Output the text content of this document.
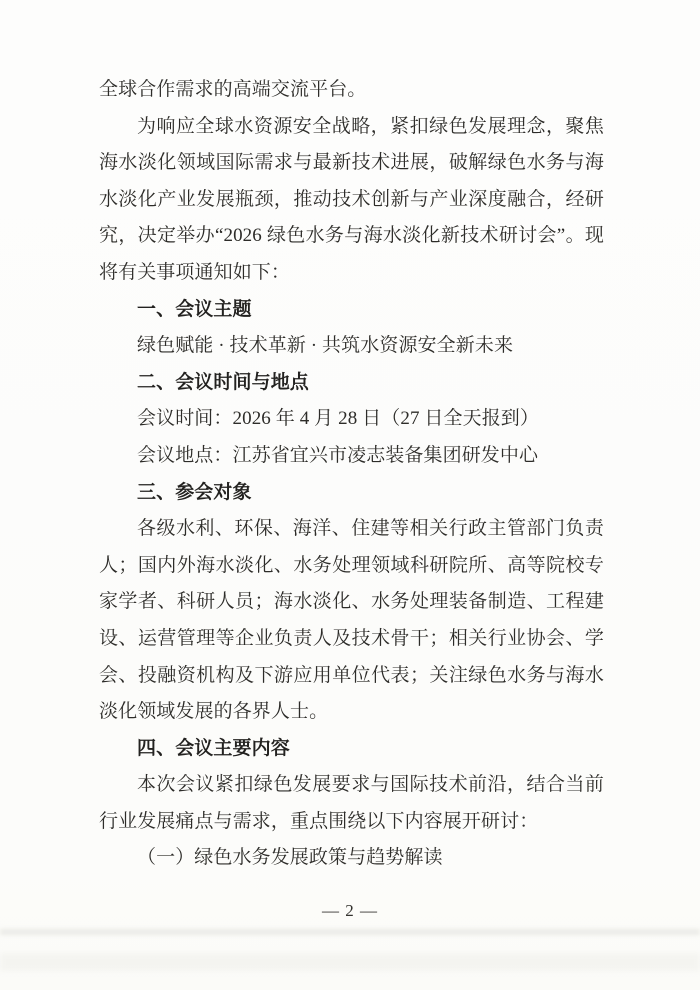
全球合作需求的高端交流平台。

为响应全球水资源安全战略，紧扣绿色发展理念，聚焦海水淡化领域国际需求与最新技术进展，破解绿色水务与海水淡化产业发展瓶颈，推动技术创新与产业深度融合，经研究，决定举办“2026 绿色水务与海水淡化新技术研讨会”。现将有关事项通知如下：

一、会议主题

绿色赋能 · 技术革新 · 共筑水资源安全新未来

二、会议时间与地点

会议时间：2026 年 4 月 28 日（27 日全天报到）

会议地点：江苏省宜兴市凌志装备集团研发中心

三、参会对象

各级水利、环保、海洋、住建等相关行政主管部门负责人；国内外海水淡化、水务处理领域科研院所、高等院校专家学者、科研人员；海水淡化、水务处理装备制造、工程建设、运营管理等企业负责人及技术骨干；相关行业协会、学会、投融资机构及下游应用单位代表；关注绿色水务与海水淡化领域发展的各界人士。

四、会议主要内容

本次会议紧扣绿色发展要求与国际技术前沿，结合当前行业发展痛点与需求，重点围绕以下内容展开研讨：

（一）绿色水务发展政策与趋势解读

— 2 —
